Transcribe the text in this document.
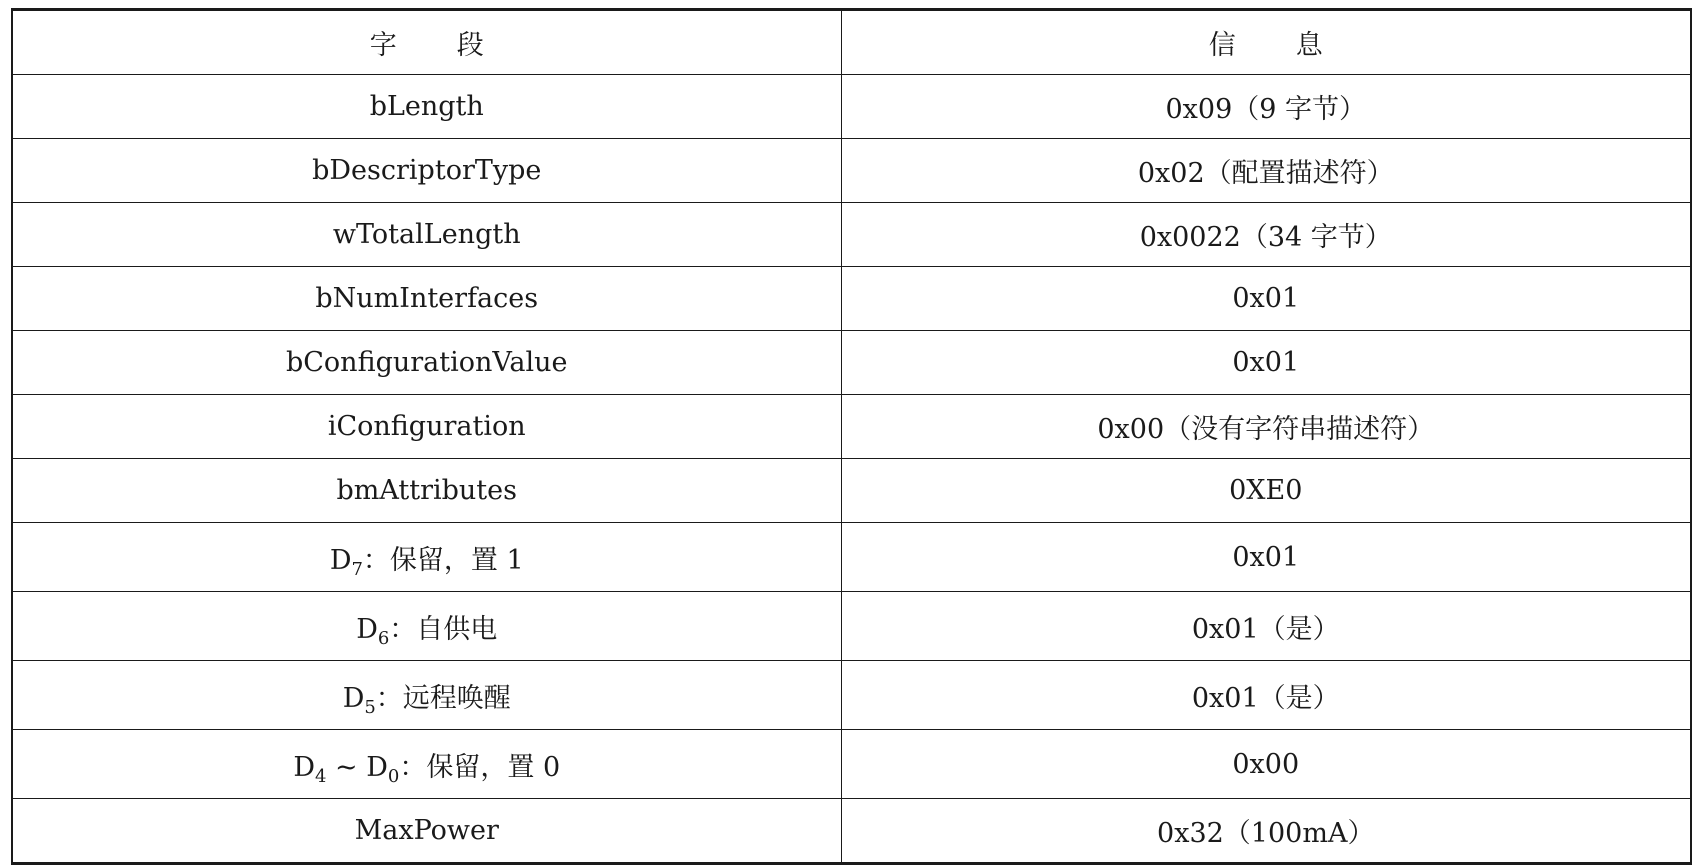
字 段	信 息
bLength	0x09（9 字节）
bDescriptorType	0x02（配置描述符）
wTotalLength	0x0022（34 字节）
bNumInterfaces	0x01
bConfigurationValue	0x01
iConfiguration	0x00（没有字符串描述符）
bmAttributes	0XE0
$D_7$：保留，置 1	0x01
$D_6$：自供电	0x01（是）
$D_5$：远程唤醒	0x01（是）
$D_4$ ~ $D_0$：保留，置 0	0x00
MaxPower	0x32（100mA）
